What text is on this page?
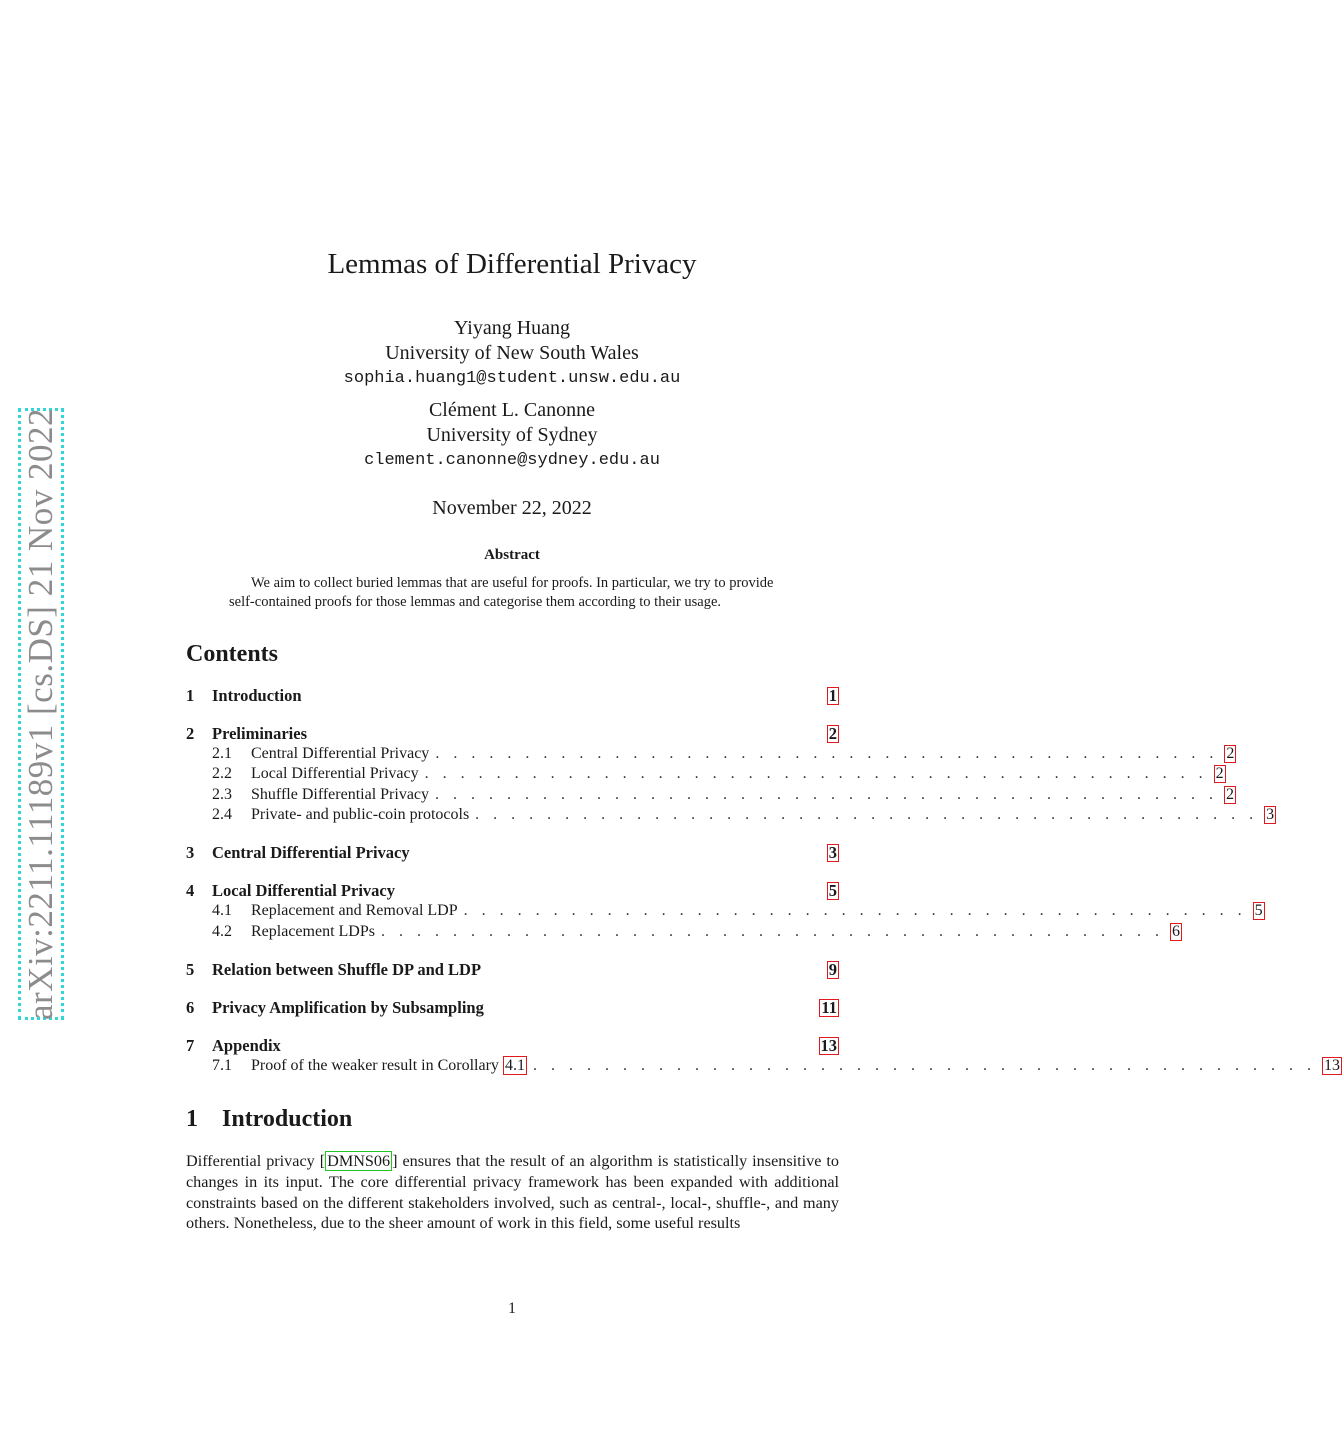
arXiv:2211.11189v1 [cs.DS] 21 Nov 2022
Lemmas of Differential Privacy
Yiyang Huang
University of New South Wales
sophia.huang1@student.unsw.edu.au
Clément L. Canonne
University of Sydney
clement.canonne@sydney.edu.au
November 22, 2022
Abstract
We aim to collect buried lemmas that are useful for proofs. In particular, we try to provide self-contained proofs for those lemmas and categorise them according to their usage.
Contents
1	Introduction	1
2	Preliminaries	2
2.1	Central Differential Privacy . . . . . . . . . . . . . . . . . . . . . . . . . . . . . . . . . . . . . . . . . . . . 2
2.2	Local Differential Privacy . . . . . . . . . . . . . . . . . . . . . . . . . . . . . . . . . . . . . . . . . . . . 2
2.3	Shuffle Differential Privacy . . . . . . . . . . . . . . . . . . . . . . . . . . . . . . . . . . . . . . . . . . . . 2
2.4	Private- and public-coin protocols . . . . . . . . . . . . . . . . . . . . . . . . . . . . . . . . . . . . . . . . . . . . 3
3	Central Differential Privacy	3
4	Local Differential Privacy	5
4.1	Replacement and Removal LDP . . . . . . . . . . . . . . . . . . . . . . . . . . . . . . . . . . . . . . . . . . . . 5
4.2	Replacement LDPs . . . . . . . . . . . . . . . . . . . . . . . . . . . . . . . . . . . . . . . . . . . . 6
5	Relation between Shuffle DP and LDP	9
6	Privacy Amplification by Subsampling	11
7	Appendix	13
7.1	Proof of the weaker result in Corollary 4.1 . . . . . . . . . . . . . . . . . . . . . . . . . . . . . . . . . . . . . . . . . . . . 13
1 Introduction
Differential privacy [ DMNS06 ] ensures that the result of an algorithm is statistically insensitive to changes in its input. The core differential privacy framework has been expanded with additional constraints based on the different stakeholders involved, such as central-, local-, shuffle-, and many others. Nonetheless, due to the sheer amount of work in this field, some useful results
1
